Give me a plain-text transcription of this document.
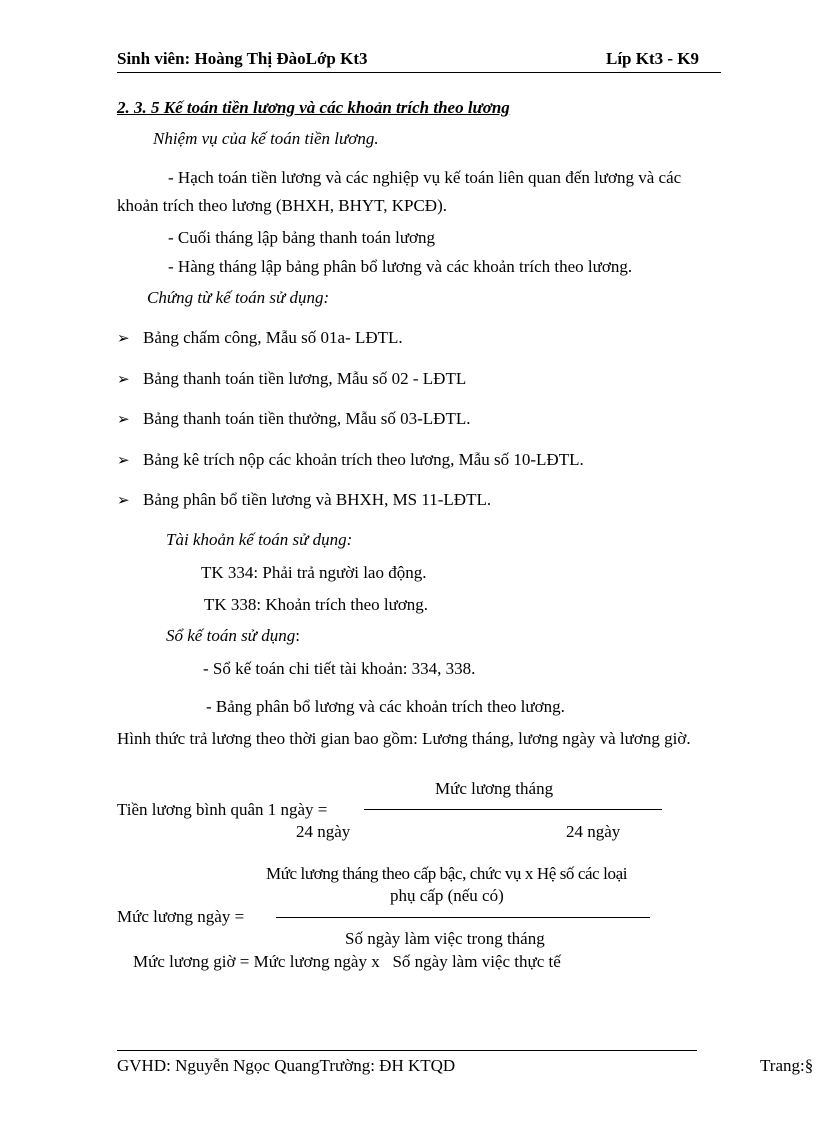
Sinh viên: Hoàng Thị ĐàoLớp Kt3	Líp Kt3 - K9
2. 3. 5 Kế toán tiền lương và các khoản trích theo lương
Nhiệm vụ của kế toán tiền lương.
- Hạch toán tiền lương và các nghiệp vụ kế toán liên quan đến lương và các khoản trích theo lương (BHXH, BHYT, KPCĐ).
- Cuối tháng lập bảng thanh toán lương
- Hàng tháng lập bảng phân bổ lương và các khoản trích theo lương.
Chứng từ kế toán sử dụng:
➢ Bảng chấm công, Mẫu số 01a- LĐTL.
➢ Bảng thanh toán tiền lương, Mẫu số 02 - LĐTL
➢ Bảng thanh toán tiền thưởng, Mẫu số 03-LĐTL.
➢ Bảng kê trích nộp các khoản trích theo lương, Mẫu số 10-LĐTL.
➢ Bảng phân bổ tiền lương và BHXH, MS 11-LĐTL.
Tài khoản kế toán sử dụng:
TK 334: Phải trả người lao động.
TK 338: Khoản trích theo lương.
Sổ kế toán sử dụng:
- Sổ kế toán chi tiết tài khoản: 334, 338.
- Bảng phân bổ lương và các khoản trích theo lương.
Hình thức trả lương theo thời gian bao gồm: Lương tháng, lương ngày và lương giờ.
Mức lương tháng
Tiền lương bình quân 1 ngày =
24 ngày	24 ngày
Mức lương tháng theo cấp bậc, chức vụ x Hệ số các loại
phụ cấp (nếu có)
Mức lương ngày =
Số ngày làm việc trong tháng
Mức lương giờ = Mức lương ngày x   Số ngày làm việc thực tế
GVHD: Nguyễn Ngọc QuangTrường: ĐH KTQD	Trang:§
